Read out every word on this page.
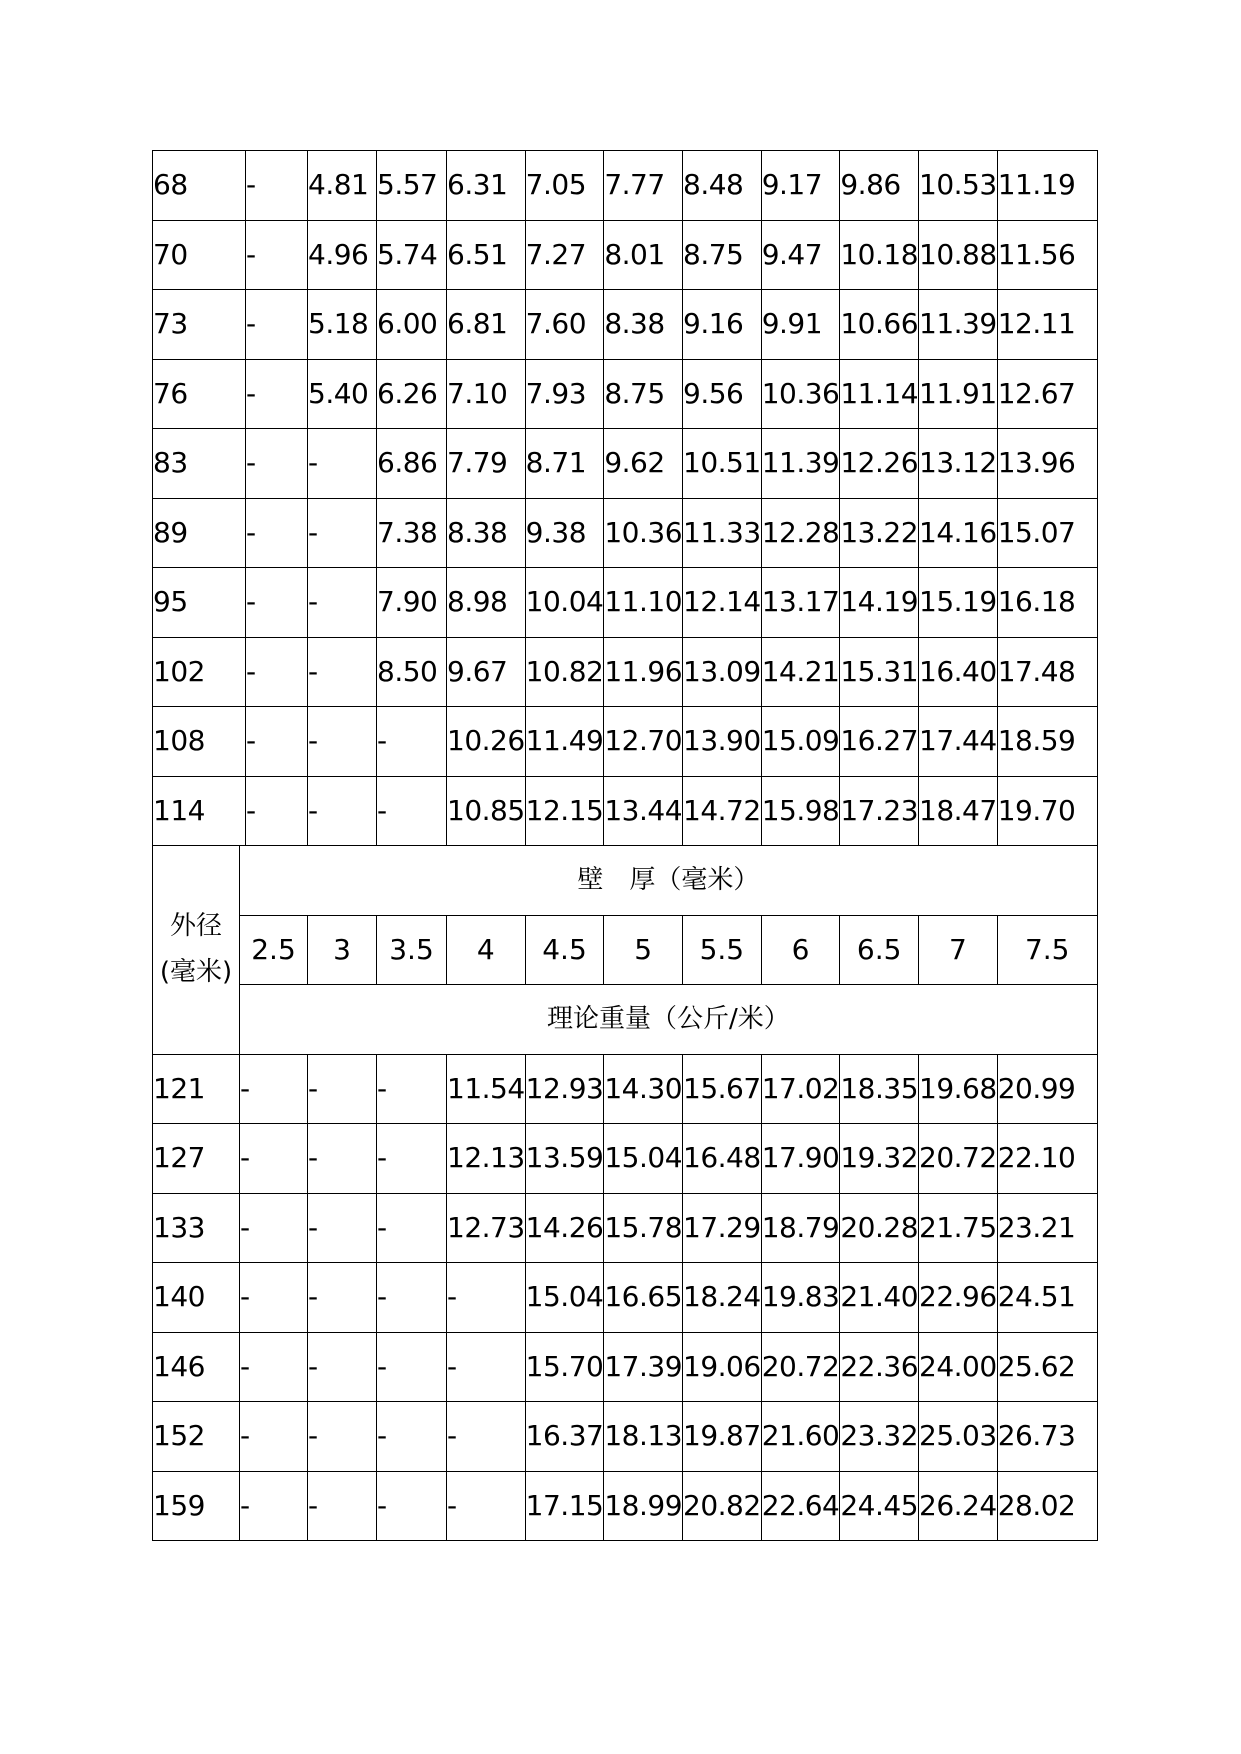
68		-	4.81	5.57	6.31	7.05	7.77	8.48	9.17	9.86	10.53	11.19
70		-	4.96	5.74	6.51	7.27	8.01	8.75	9.47	10.18	10.88	11.56
73		-	5.18	6.00	6.81	7.60	8.38	9.16	9.91	10.66	11.39	12.11
76		-	5.40	6.26	7.10	7.93	8.75	9.56	10.36	11.14	11.91	12.67
83		-	-	6.86	7.79	8.71	9.62	10.51	11.39	12.26	13.12	13.96
89		-	-	7.38	8.38	9.38	10.36	11.33	12.28	13.22	14.16	15.07
95		-	-	7.90	8.98	10.04	11.10	12.14	13.17	14.19	15.19	16.18
102		-	-	8.50	9.67	10.82	11.96	13.09	14.21	15.31	16.40	17.48
108		-	-	-	10.26	11.49	12.70	13.90	15.09	16.27	17.44	18.59
114		-	-	-	10.85	12.15	13.44	14.72	15.98	17.23	18.47	19.70
外径
(毫米)	壁　厚（毫米）											
	2.5		3	3.5	4	4.5	5	5.5	6	6.5	7	7.5
	理论重量（公斤/米）											
121	-		-	-	11.54	12.93	14.30	15.67	17.02	18.35	19.68	20.99
127	-		-	-	12.13	13.59	15.04	16.48	17.90	19.32	20.72	22.10
133	-		-	-	12.73	14.26	15.78	17.29	18.79	20.28	21.75	23.21
140	-		-	-	-	15.04	16.65	18.24	19.83	21.40	22.96	24.51
146	-		-	-	-	15.70	17.39	19.06	20.72	22.36	24.00	25.62
152	-		-	-	-	16.37	18.13	19.87	21.60	23.32	25.03	26.73
159	-		-	-	-	17.15	18.99	20.82	22.64	24.45	26.24	28.02
